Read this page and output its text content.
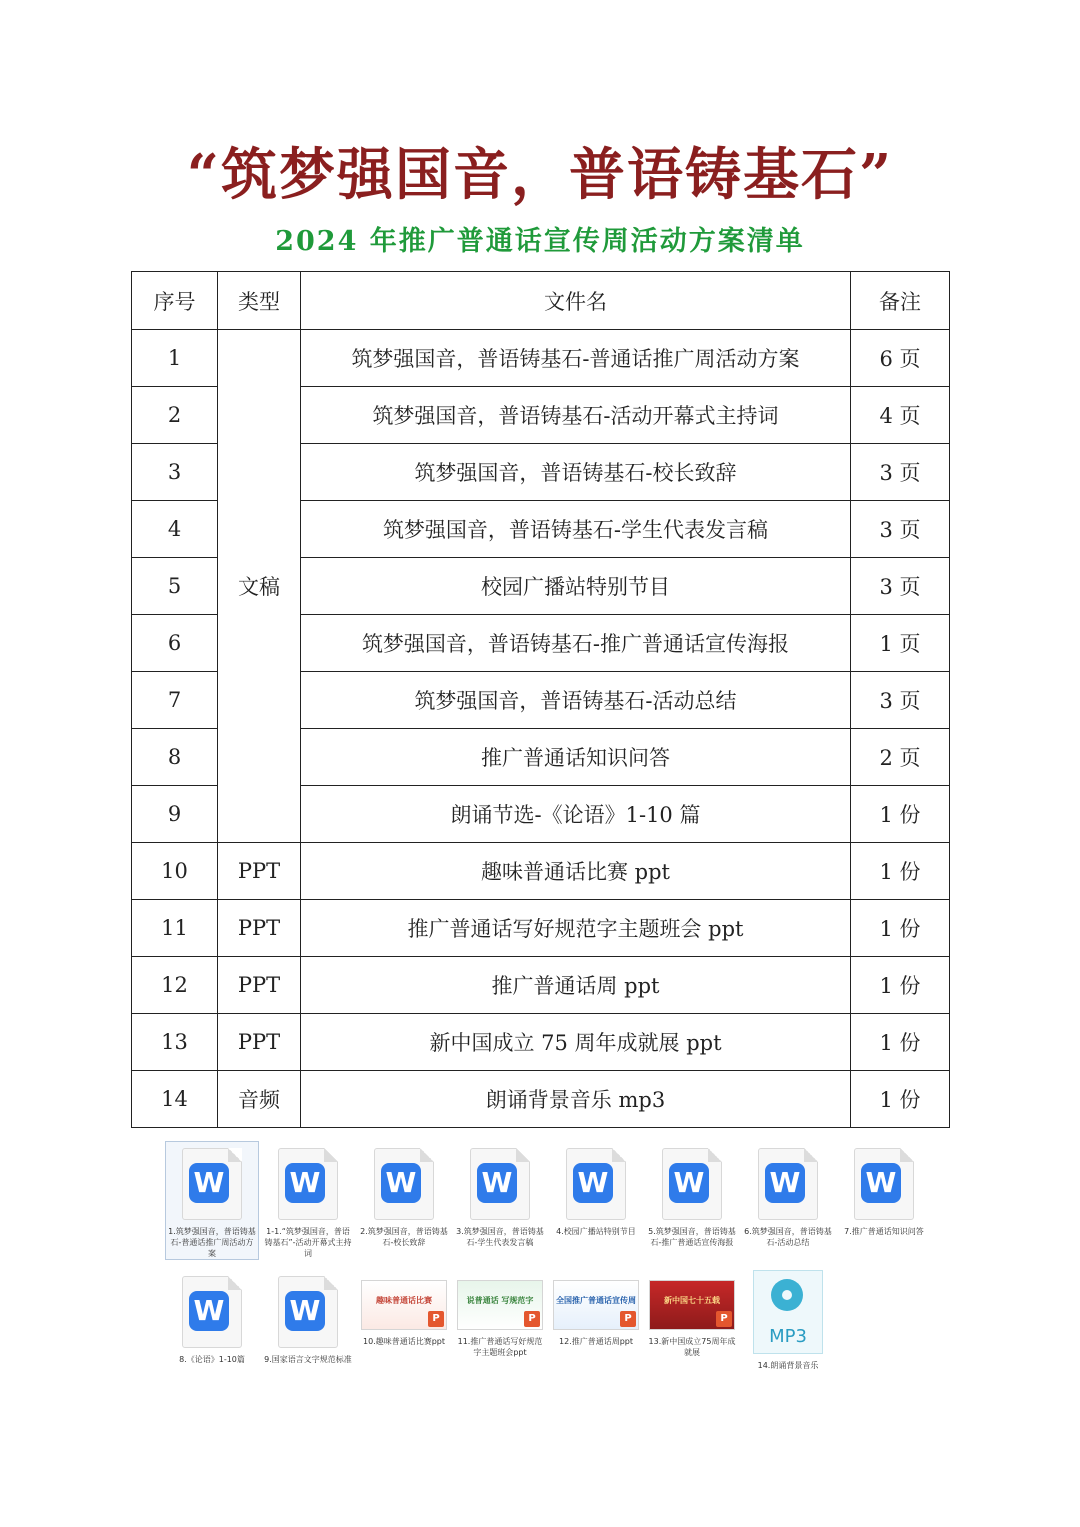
“筑梦强国音，普语铸基石”
2024 年推广普通话宣传周活动方案清单
序号	类型	文件名	备注
1	文稿	筑梦强国音，普语铸基石-普通话推广周活动方案	6 页
2		筑梦强国音，普语铸基石-活动开幕式主持词	4 页
3		筑梦强国音，普语铸基石-校长致辞	3 页
4		筑梦强国音，普语铸基石-学生代表发言稿	3 页
5		校园广播站特别节目	3 页
6		筑梦强国音，普语铸基石-推广普通话宣传海报	1 页
7		筑梦强国音，普语铸基石-活动总结	3 页
8		推广普通话知识问答	2 页
9		朗诵节选-《论语》1-10 篇	1 份
10	PPT	趣味普通话比赛 ppt	1 份
11	PPT	推广普通话写好规范字主题班会 ppt	1 份
12	PPT	推广普通话周 ppt	1 份
13	PPT	新中国成立 75 周年成就展 ppt	1 份
14	音频	朗诵背景音乐 mp3	1 份
W
1.筑梦强国音，普语铸基石-普通话推广周活动方案
W
1-1.“筑梦强国音，普语铸基石”-活动开幕式主持词
W
2.筑梦强国音，普语铸基石-校长致辞
W
3.筑梦强国音，普语铸基石-学生代表发言稿
W
4.校园广播站特别节目
W
5.筑梦强国音，普语铸基石-推广普通话宣传海报
W
6.筑梦强国音，普语铸基石-活动总结
W
7.推广普通话知识问答
W
8.《论语》1-10篇
W
9.国家语言文字规范标准
趣味普通话比赛
P
10.趣味普通话比赛ppt
说普通话 写规范字
P
11.推广普通话写好规范字主题班会ppt
全国推广普通话宣传周
P
12.推广普通话周ppt
新中国七十五载
P
13.新中国成立75周年成就展
MP3
14.朗诵背景音乐
